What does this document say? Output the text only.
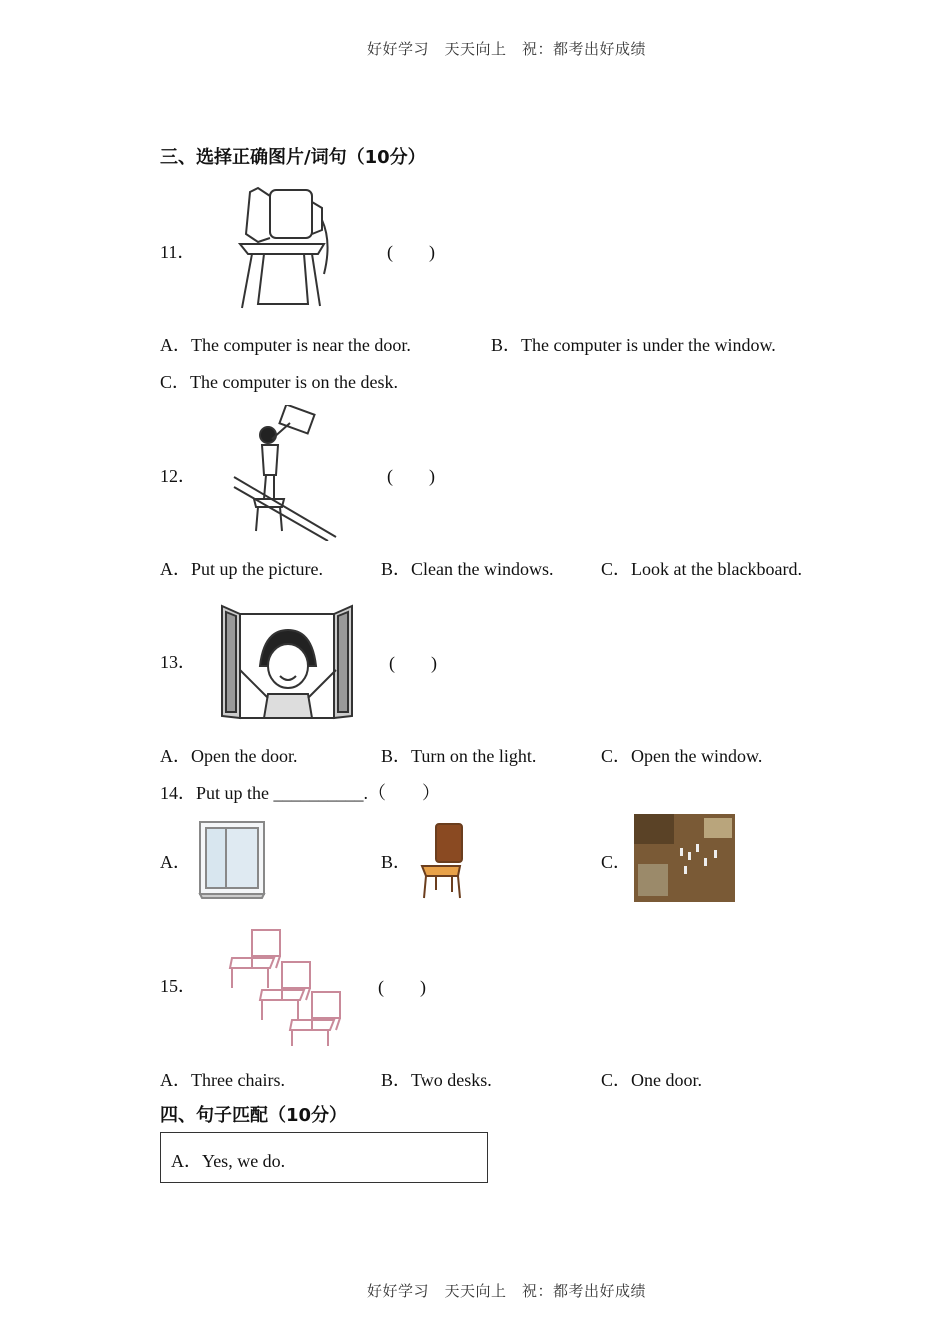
好好学习　天天向上　祝：都考出好成绩
好好学习　天天向上　祝：都考出好成绩
三、选择正确图片/词句（10分）
11．	(　　)
A．The computer is near the door.	B．The computer is under the window.
C．The computer is on the desk.
12．	(　　)
A．Put up the picture.	B．Clean the windows.	C．Look at the blackboard.
13．	(　　)
A．Open the door.	B．Turn on the light.	C．Open the window.
14．Put up the __________.（　　）
A．	B．	C．
15．	(　　)
A．Three chairs.	B．Two desks.	C．One door.
四、句子匹配（10分）
A．Yes, we do.
